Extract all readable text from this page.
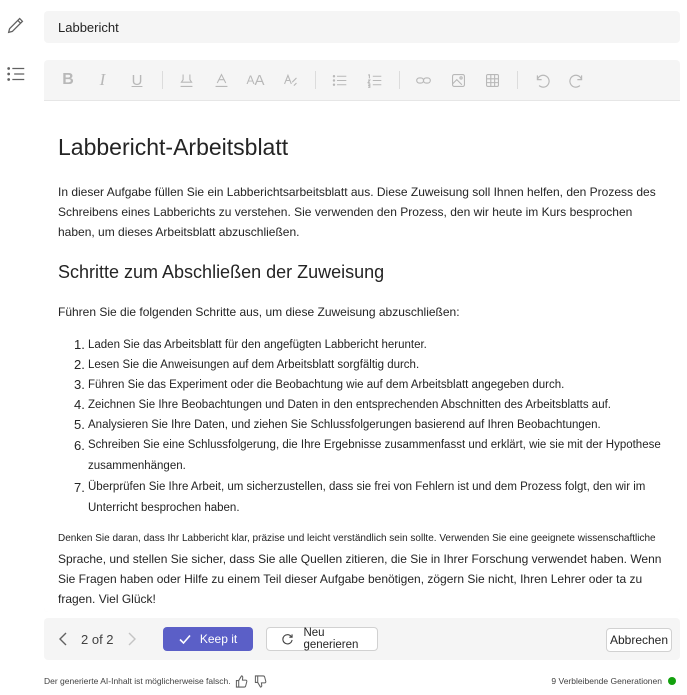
Labbericht
B I U	A A
Labbericht-Arbeitsblatt

In dieser Aufgabe füllen Sie ein Labberichtsarbeitsblatt aus. Diese Zuweisung soll Ihnen helfen, den Prozess des Schreibens eines Labberichts zu verstehen. Sie verwenden den Prozess, den wir heute im Kurs besprochen haben, um dieses Arbeitsblatt abzuschließen.

Schritte zum Abschließen der Zuweisung

Führen Sie die folgenden Schritte aus, um diese Zuweisung abzuschließen:

1. Laden Sie das Arbeitsblatt für den angefügten Labbericht herunter.
2. Lesen Sie die Anweisungen auf dem Arbeitsblatt sorgfältig durch.
3. Führen Sie das Experiment oder die Beobachtung wie auf dem Arbeitsblatt angegeben durch.
4. Zeichnen Sie Ihre Beobachtungen und Daten in den entsprechenden Abschnitten des Arbeitsblatts auf.
5. Analysieren Sie Ihre Daten, und ziehen Sie Schlussfolgerungen basierend auf Ihren Beobachtungen.
6. Schreiben Sie eine Schlussfolgerung, die Ihre Ergebnisse zusammenfasst und erklärt, wie sie mit der Hypothese zusammenhängen.
7. Überprüfen Sie Ihre Arbeit, um sicherzustellen, dass sie frei von Fehlern ist und dem Prozess folgt, den wir im Unterricht besprochen haben.
Denken Sie daran, dass Ihr Labbericht klar, präzise und leicht verständlich sein sollte. Verwenden Sie eine geeignete wissenschaftliche
Sprache, und stellen Sie sicher, dass Sie alle Quellen zitieren, die Sie in Ihrer Forschung verwendet haben. Wenn Sie Fragen haben oder Hilfe zu einem Teil dieser Aufgabe benötigen, zögern Sie nicht, Ihren Lehrer oder ta zu fragen. Viel Glück!
2 of 2	Keep it	Neu generieren	Abbrechen
Der generierte AI-Inhalt ist möglicherweise falsch.	9 Verbleibende Generationen
